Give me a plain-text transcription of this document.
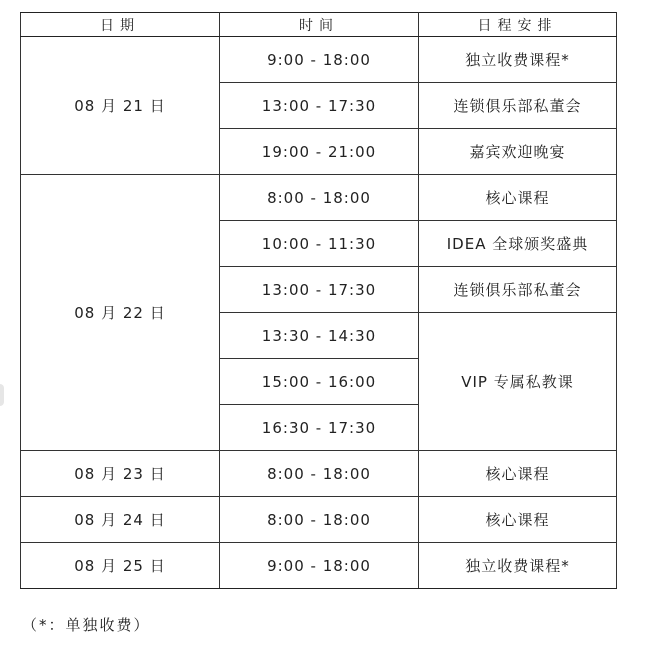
日期	时间	日程安排
08 月 21 日	9:00 - 18:00	独立收费课程*
	13:00 - 17:30	连锁俱乐部私董会
	19:00 - 21:00	嘉宾欢迎晚宴
08 月 22 日	8:00 - 18:00	核心课程
	10:00 - 11:30	IDEA 全球颁奖盛典
	13:00 - 17:30	连锁俱乐部私董会
	13:30 - 14:30	VIP 专属私教课
	15:00 - 16:00	
	16:30 - 17:30	
08 月 23 日	8:00 - 18:00	核心课程
08 月 24 日	8:00 - 18:00	核心课程
08 月 25 日	9:00 - 18:00	独立收费课程*
（*：单独收费）
